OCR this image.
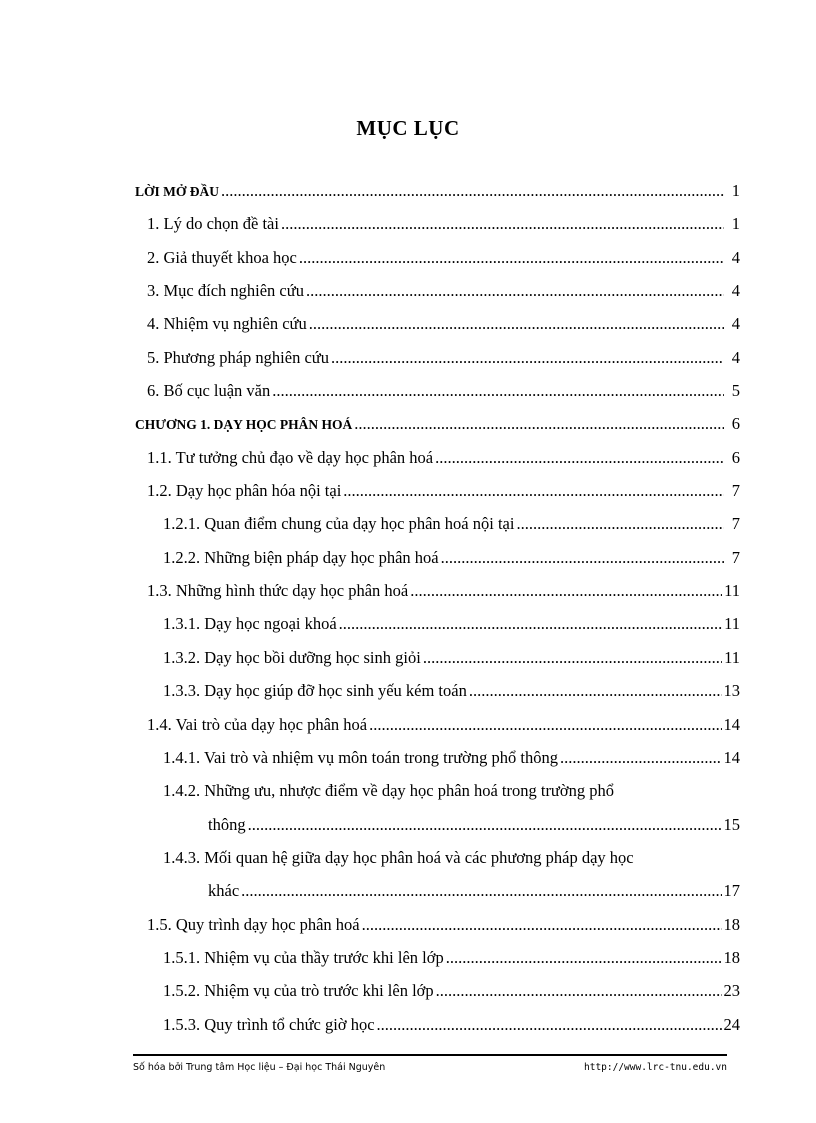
MỤC LỤC
LỜI MỞ ĐẦU .....	1
1. Lý do chọn đề tài .....	1
2. Giả thuyết khoa học .....	4
3. Mục đích nghiên cứu .....	4
4. Nhiệm vụ nghiên cứu .....	4
5. Phương pháp nghiên cứu .....	4
6. Bố cục luận văn .....	5
CHƯƠNG 1. DẠY HỌC PHÂN HOÁ .....	6
1.1. Tư tưởng chủ đạo về dạy học phân hoá .....	6
1.2. Dạy học phân hóa nội tại .....	7
1.2.1. Quan điểm chung của dạy học phân hoá nội tại .....	7
1.2.2. Những biện pháp dạy học phân hoá .....	7
1.3. Những hình thức dạy học phân hoá .....	11
1.3.1. Dạy học ngoại khoá .....	11
1.3.2. Dạy học bồi dưỡng học sinh giỏi .....	11
1.3.3. Dạy học giúp đỡ học sinh yếu kém toán .....	13
1.4. Vai trò của dạy học phân hoá .....	14
1.4.1. Vai trò và nhiệm vụ môn toán trong trường phổ thông .....	14
1.4.2. Những ưu, nhược điểm về dạy học phân hoá trong trường phổ
thông .....	15
1.4.3. Mối quan hệ giữa dạy học phân hoá và các phương pháp dạy học
khác .....	17
1.5. Quy trình dạy học phân hoá .....	18
1.5.1. Nhiệm vụ của thầy trước khi lên lớp .....	18
1.5.2. Nhiệm vụ của trò trước khi lên lớp .....	23
1.5.3. Quy trình tổ chức giờ học .....	24
Số hóa bởi Trung tâm Học liệu – Đại học Thái Nguyên	http://www.lrc-tnu.edu.vn
